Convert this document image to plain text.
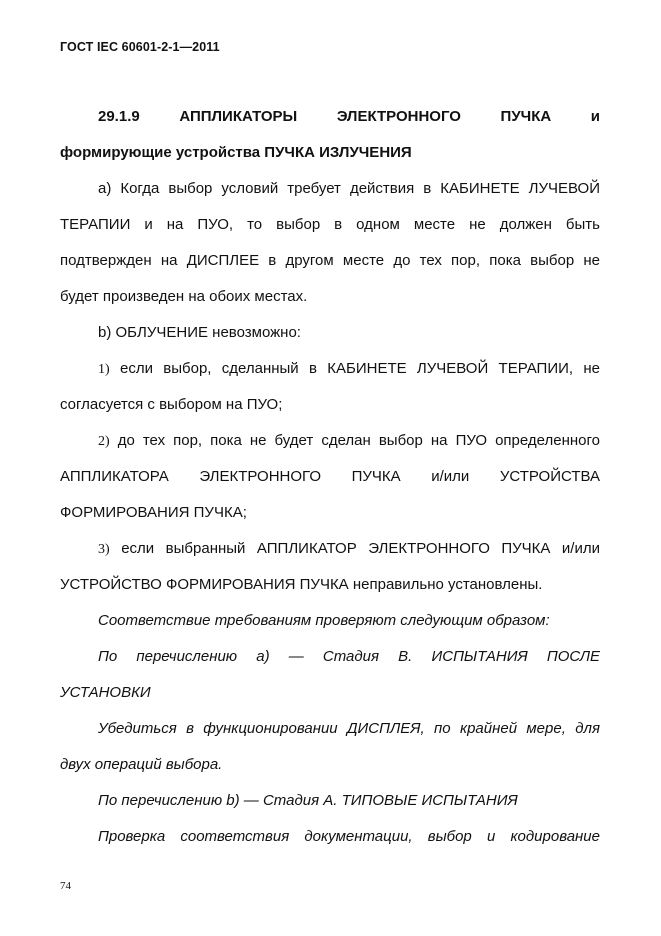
ГОСТ IEC 60601-2-1—2011
29.1.9	АППЛИКАТОРЫ	ЭЛЕКТРОННОГО	ПУЧКА	и
формирующие устройства ПУЧКА ИЗЛУЧЕНИЯ
а) Когда выбор условий требует действия в КАБИНЕТЕ ЛУЧЕВОЙ
ТЕРАПИИ и на ПУО, то выбор в одном месте не должен быть
подтвержден на ДИСПЛЕЕ в другом месте до тех пор, пока выбор не
будет произведен на обоих местах.
b) ОБЛУЧЕНИЕ невозможно:
1) если выбор, сделанный в КАБИНЕТЕ ЛУЧЕВОЙ ТЕРАПИИ, не
согласуется с выбором на ПУО;
2) до тех пор, пока не будет сделан выбор на ПУО определенного
АППЛИКАТОРА ЭЛЕКТРОННОГО ПУЧКА и/или УСТРОЙСТВА
ФОРМИРОВАНИЯ ПУЧКА;
3) если выбранный АППЛИКАТОР ЭЛЕКТРОННОГО ПУЧКА и/или
УСТРОЙСТВО ФОРМИРОВАНИЯ ПУЧКА неправильно установлены.
Соответствие требованиям проверяют следующим образом:
По перечислению а) — Стадия В. ИСПЫТАНИЯ ПОСЛЕ
УСТАНОВКИ
Убедиться в функционировании ДИСПЛЕЯ, по крайней мере, для
двух операций выбора.
По перечислению b) — Стадия А. ТИПОВЫЕ ИСПЫТАНИЯ
Проверка соответствия документации, выбор и кодирование
74
